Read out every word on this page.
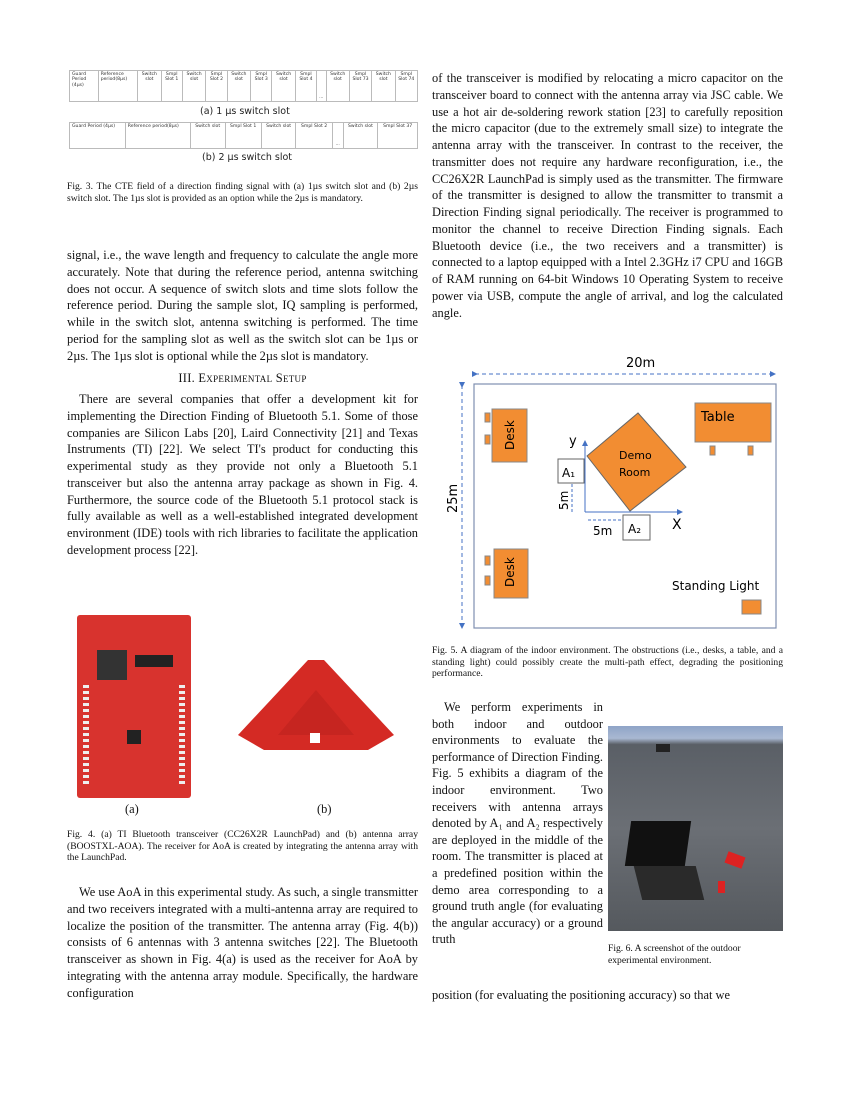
Guard Period (4µs)	Reference period(8µs)	Switch slot	Smpl Slot 1	Switch slot	Smpl Slot 2	Switch slot	Smpl Slot 3	Switch slot	Smpl Slot 4	...	Switch slot	Smpl Slot 73	Switch slot	Smpl Slot 74
(a) 1 µs switch slot
Guard Period (4µs)	Reference period(8µs)	Switch slot	Smpl Slot 1	Switch slot	Smpl Slot 2	...	Switch slot	Smpl Slot 37
(b) 2 µs switch slot
Fig. 3. The CTE field of a direction finding signal with (a) 1µs switch slot and (b) 2µs switch slot. The 1µs slot is provided as an option while the 2µs is mandatory.
signal, i.e., the wave length and frequency to calculate the angle more accurately. Note that during the reference period, antenna switching does not occur. A sequence of switch slots and time slots follow the reference period. During the sample slot, IQ sampling is performed, while in the switch slot, antenna switching is performed. The time period for the sampling slot as well as the switch slot can be 1µs or 2µs. The 1µs slot is optional while the 2µs slot is mandatory.
III. Experimental Setup
There are several companies that offer a development kit for implementing the Direction Finding of Bluetooth 5.1. Some of those companies are Silicon Labs [20], Laird Connectivity [21] and Texas Instruments (TI) [22]. We select TI's product for conducting this experimental study as they provide not only a Bluetooth 5.1 transceiver but also the antenna array package as shown in Fig. 4. Furthermore, the source code of the Bluetooth 5.1 protocol stack is fully available as well as a well-established integrated development environment (IDE) tools with rich libraries to facilitate the application development process [22].
(a)	(b)
Fig. 4. (a) TI Bluetooth transceiver (CC26X2R LaunchPad) and (b) antenna array (BOOSTXL-AOA). The receiver for AoA is created by integrating the antenna array with the LaunchPad.
We use AoA in this experimental study. As such, a single transmitter and two receivers integrated with a multi-antenna array are required to localize the position of the transmitter. The antenna array (Fig. 4(b)) consists of 6 antennas with 3 antenna switches [22]. The Bluetooth transceiver as shown in Fig. 4(a) is used as the receiver for AoA by integrating with the antenna array module. Specifically, the hardware configuration
of the transceiver is modified by relocating a micro capacitor on the transceiver board to connect with the antenna array via JSC cable. We use a hot air de-soldering rework station [23] to carefully reposition the micro capacitor (due to the extremely small size) to integrate the antenna array with the transceiver. In contrast to the receiver, the transmitter does not require any hardware reconfiguration, i.e., the CC26X2R LaunchPad is simply used as the transmitter. The firmware of the transmitter is designed to allow the transmitter to transmit a Direction Finding signal periodically. The receiver is programmed to monitor the channel to receive Direction Finding signals. Each Bluetooth device (i.e., the two receivers and a transmitter) is connected to a laptop equipped with a Intel 2.3GHz i7 CPU and 16GB of RAM running on 64-bit Windows 10 Operating System to receive power via USB, compute the angle of arrival, and log the calculated angle.
20m
25m
Desk
Desk
Table
Demo
Room
y
X
A₁
A₂
5m
5m
Standing Light
Fig. 5. A diagram of the indoor environment. The obstructions (i.e., desks, a table, and a standing light) could possibly create the multi-path effect, degrading the positioning performance.
We perform experiments in both indoor and outdoor environments to evaluate the performance of Direction Finding. Fig. 5 exhibits a diagram of the indoor environment. Two receivers with antenna arrays denoted by A₁ and A₂ respectively are deployed in the middle of the room. The transmitter is placed at a predefined position within the demo area corresponding to a ground truth angle (for evaluating the angular accuracy) or a ground truth
position (for evaluating the positioning accuracy) so that we
Fig. 6. A screenshot of the outdoor experimental environment.
